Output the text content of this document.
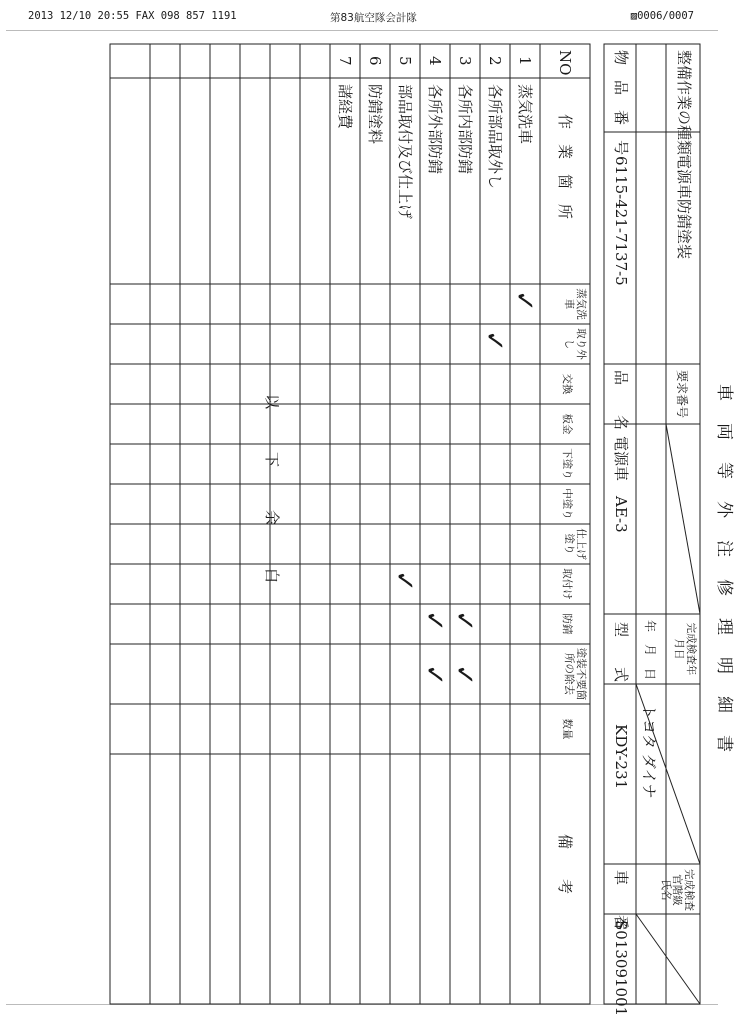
2013 12/10 20:55 FAX 098 857 1191	第83航空隊会計隊	▨0006/0007
車両等外注修理明細書
整備作業の種類
電源車防錆塗装
要求番号
物　品　番　号
6115-421-7137-5
品　　名
電源車　AE-3
完成検査年月日
年　月　日
型　　式
トヨタ ダイナ
KDY-231
完成検査官階級　氏名
車　　番
S013091001
NO
作　業　箇　所
蒸気洗車
取り外し
交換
板金
下塗り
中塗り
仕上げ塗り
取付け
防錆
塗装不要箇所の除去
数量
備　　考
1
蒸気洗車
2
各所部品取外し
3
各所内部防錆
4
各所外部防錆
5
部品取付及び仕上げ
6
防錆塗料
7
諸経費
✓
✓
✓
✓
✓
✓
✓
以　下　余　白
